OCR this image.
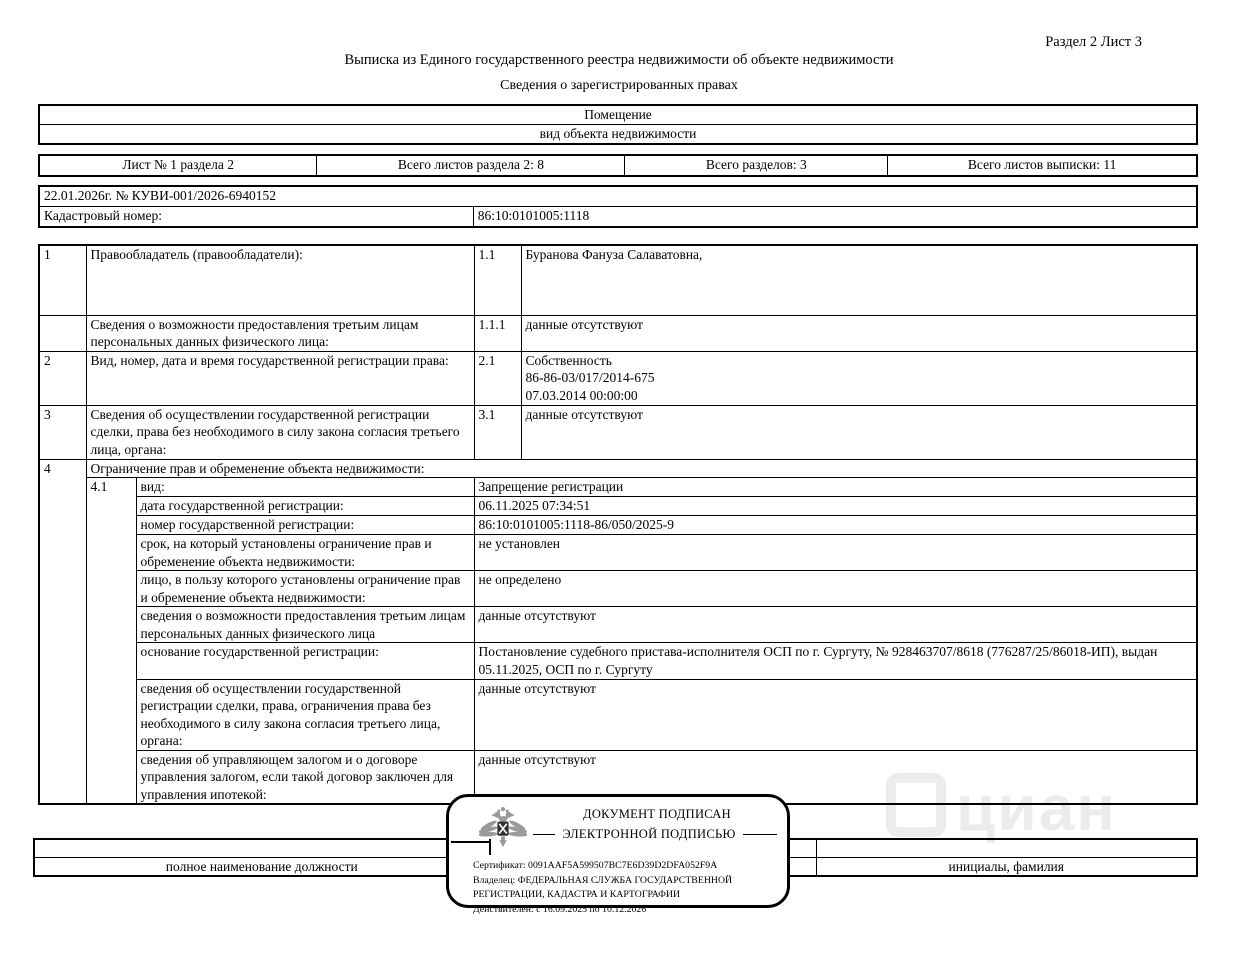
Раздел 2 Лист 3
Выписка из Единого государственного реестра недвижимости об объекте недвижимости
Сведения о зарегистрированных правах
циан
Помещение
вид объекта недвижимости
Лист № 1 раздела 2	Всего листов раздела 2: 8	Всего разделов: 3	Всего листов выписки: 11
22.01.2026г. № КУВИ-001/2026-6940152
Кадастровый номер:	86:10:0101005:1118
1	Правообладатель (правообладатели):		1.1	Буранова Фануза Салаватовна,
	Сведения о возможности предоставления третьим лицам персональных данных физического лица:		1.1.1	данные отсутствуют
2	Вид, номер, дата и время государственной регистрации права:		2.1	Собственность
86-86-03/017/2014-675
07.03.2014 00:00:00

3	Сведения об осуществлении государственной регистрации сделки, права без необходимого в силу закона согласия третьего лица, органа:		3.1	данные отсутствуют
4	Ограничение прав и обременение объекта недвижимости:			
	4.1	вид:	Запрещение регистрации	
		дата государственной регистрации:	06.11.2025 07:34:51	
		номер государственной регистрации:	86:10:0101005:1118-86/050/2025-9	
		срок, на который установлены ограничение прав и обременение объекта недвижимости:	не установлен	
		лицо, в пользу которого установлены ограничение прав и обременение объекта недвижимости:	не определено	
		сведения о возможности предоставления третьим лицам персональных данных физического лица	данные отсутствуют	
		основание государственной регистрации:	Постановление судебного пристава-исполнителя ОСП по г. Сургуту, № 928463707/8618 (776287/25/86018-ИП), выдан 05.11.2025, ОСП по г. Сургуту	
		сведения об осуществлении государственной регистрации сделки, права, ограничения права без необходимого в силу закона согласия третьего лица, органа:	данные отсутствуют	
		сведения об управляющем залогом и о договоре управления залогом, если такой договор заключен для управления ипотекой:	данные отсутствуют	

полное наименование должности		инициалы, фамилия
ДОКУМЕНТ ПОДПИСАН
ЭЛЕКТРОННОЙ ПОДПИСЬЮ
Сертификат: 0091AAF5A599507BC7E6D39D2DFA052F9A
Владелец: ФЕДЕРАЛЬНАЯ СЛУЖБА ГОСУДАРСТВЕННОЙ
РЕГИСТРАЦИИ, КАДАСТРА И КАРТОГРАФИИ
Действителен: с 16.09.2025 по 10.12.2026
